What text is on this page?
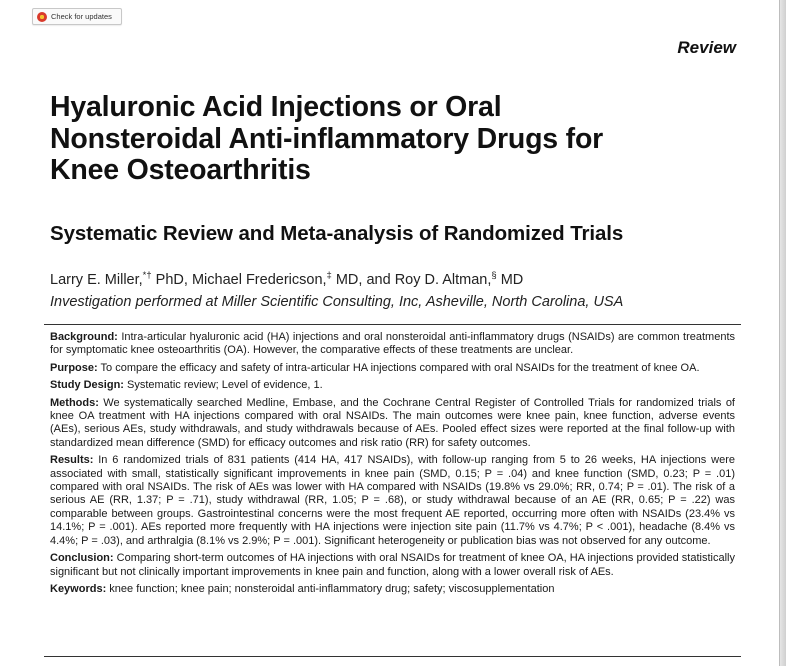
Check for updates
Review
Hyaluronic Acid Injections or Oral Nonsteroidal Anti-inflammatory Drugs for Knee Osteoarthritis
Systematic Review and Meta-analysis of Randomized Trials
Larry E. Miller,*† PhD, Michael Fredericson,‡ MD, and Roy D. Altman,§ MD
Investigation performed at Miller Scientific Consulting, Inc, Asheville, North Carolina, USA

Background: Intra-articular hyaluronic acid (HA) injections and oral nonsteroidal anti-inflammatory drugs (NSAIDs) are common treatments for symptomatic knee osteoarthritis (OA). However, the comparative effects of these treatments are unclear.

Purpose: To compare the efficacy and safety of intra-articular HA injections compared with oral NSAIDs for the treatment of knee OA.

Study Design: Systematic review; Level of evidence, 1.

Methods: We systematically searched Medline, Embase, and the Cochrane Central Register of Controlled Trials for randomized trials of knee OA treatment with HA injections compared with oral NSAIDs. The main outcomes were knee pain, knee function, adverse events (AEs), serious AEs, study withdrawals, and study withdrawals because of AEs. Pooled effect sizes were reported at the final follow-up with standardized mean difference (SMD) for efficacy outcomes and risk ratio (RR) for safety outcomes.

Results: In 6 randomized trials of 831 patients (414 HA, 417 NSAIDs), with follow-up ranging from 5 to 26 weeks, HA injections were associated with small, statistically significant improvements in knee pain (SMD, 0.15; P = .04) and knee function (SMD, 0.23; P = .01) compared with oral NSAIDs. The risk of AEs was lower with HA compared with NSAIDs (19.8% vs 29.0%; RR, 0.74; P = .01). The risk of a serious AE (RR, 1.37; P = .71), study withdrawal (RR, 1.05; P = .68), or study withdrawal because of an AE (RR, 0.65; P = .22) was comparable between groups. Gastrointestinal concerns were the most frequent AE reported, occurring more often with NSAIDs (23.4% vs 14.1%; P = .001). AEs reported more frequently with HA injections were injection site pain (11.7% vs 4.7%; P < .001), headache (8.4% vs 4.4%; P = .03), and arthralgia (8.1% vs 2.9%; P = .001). Significant heterogeneity or publication bias was not observed for any outcome.

Conclusion: Comparing short-term outcomes of HA injections with oral NSAIDs for treatment of knee OA, HA injections provided statistically significant but not clinically important improvements in knee pain and function, along with a lower overall risk of AEs.

Keywords: knee function; knee pain; nonsteroidal anti-inflammatory drug; safety; viscosupplementation
